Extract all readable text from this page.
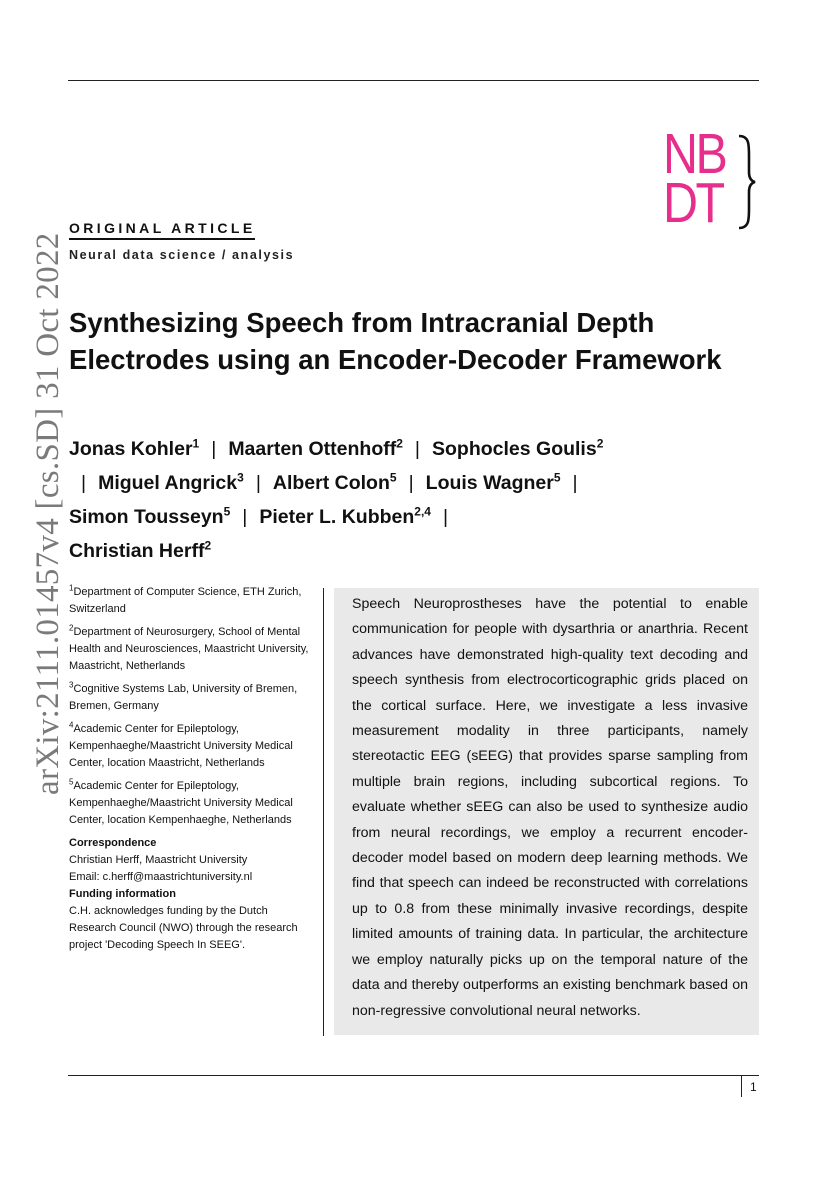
arXiv:2111.01457v4 [cs.SD] 31 Oct 2022
NB
DT
ORIGINAL ARTICLE
Neural data science / analysis
Synthesizing Speech from Intracranial Depth Electrodes using an Encoder-Decoder Framework
Jonas Kohler$^1$ | Maarten Ottenhoff$^2$ | Sophocles Goulis$^2$| Miguel Angrick$^3$ | Albert Colon$^5$ | Louis Wagner$^5$ |Simon Tousseyn$^5$ | Pieter L. Kubben$^{2,4}$ |
Christian Herff$^2$

$^1$Department of Computer Science, ETH Zurich, Switzerland

$^2$Department of Neurosurgery, School of Mental Health and Neurosciences, Maastricht University, Maastricht, Netherlands

$^3$Cognitive Systems Lab, University of Bremen, Bremen, Germany

$^4$Academic Center for Epileptology, Kempenhaeghe/Maastricht University Medical Center, location Maastricht, Netherlands

$^5$Academic Center for Epileptology, Kempenhaeghe/Maastricht University Medical Center, location Kempenhaeghe, Netherlands

Correspondence

Christian Herff, Maastricht University

Email: c.herff@maastrichtuniversity.nl

Funding information

C.H. acknowledges funding by the Dutch Research Council (NWO) through the research project 'Decoding Speech In SEEG'.

Speech Neuroprostheses have the potential to enable communication for people with dysarthria or anarthria. Recent advances have demonstrated high-quality text decoding and speech synthesis from electrocorticographic grids placed on the cortical surface. Here, we investigate a less invasive measurement modality in three participants, namely stereotactic EEG (sEEG) that provides sparse sampling from multiple brain regions, including subcortical regions. To evaluate whether sEEG can also be used to synthesize audio from neural recordings, we employ a recurrent encoder-decoder model based on modern deep learning methods. We find that speech can indeed be reconstructed with correlations up to 0.8 from these minimally invasive recordings, despite limited amounts of training data. In particular, the architecture we employ naturally picks up on the temporal nature of the data and thereby outperforms an existing benchmark based on non-regressive convolutional neural networks.

1
